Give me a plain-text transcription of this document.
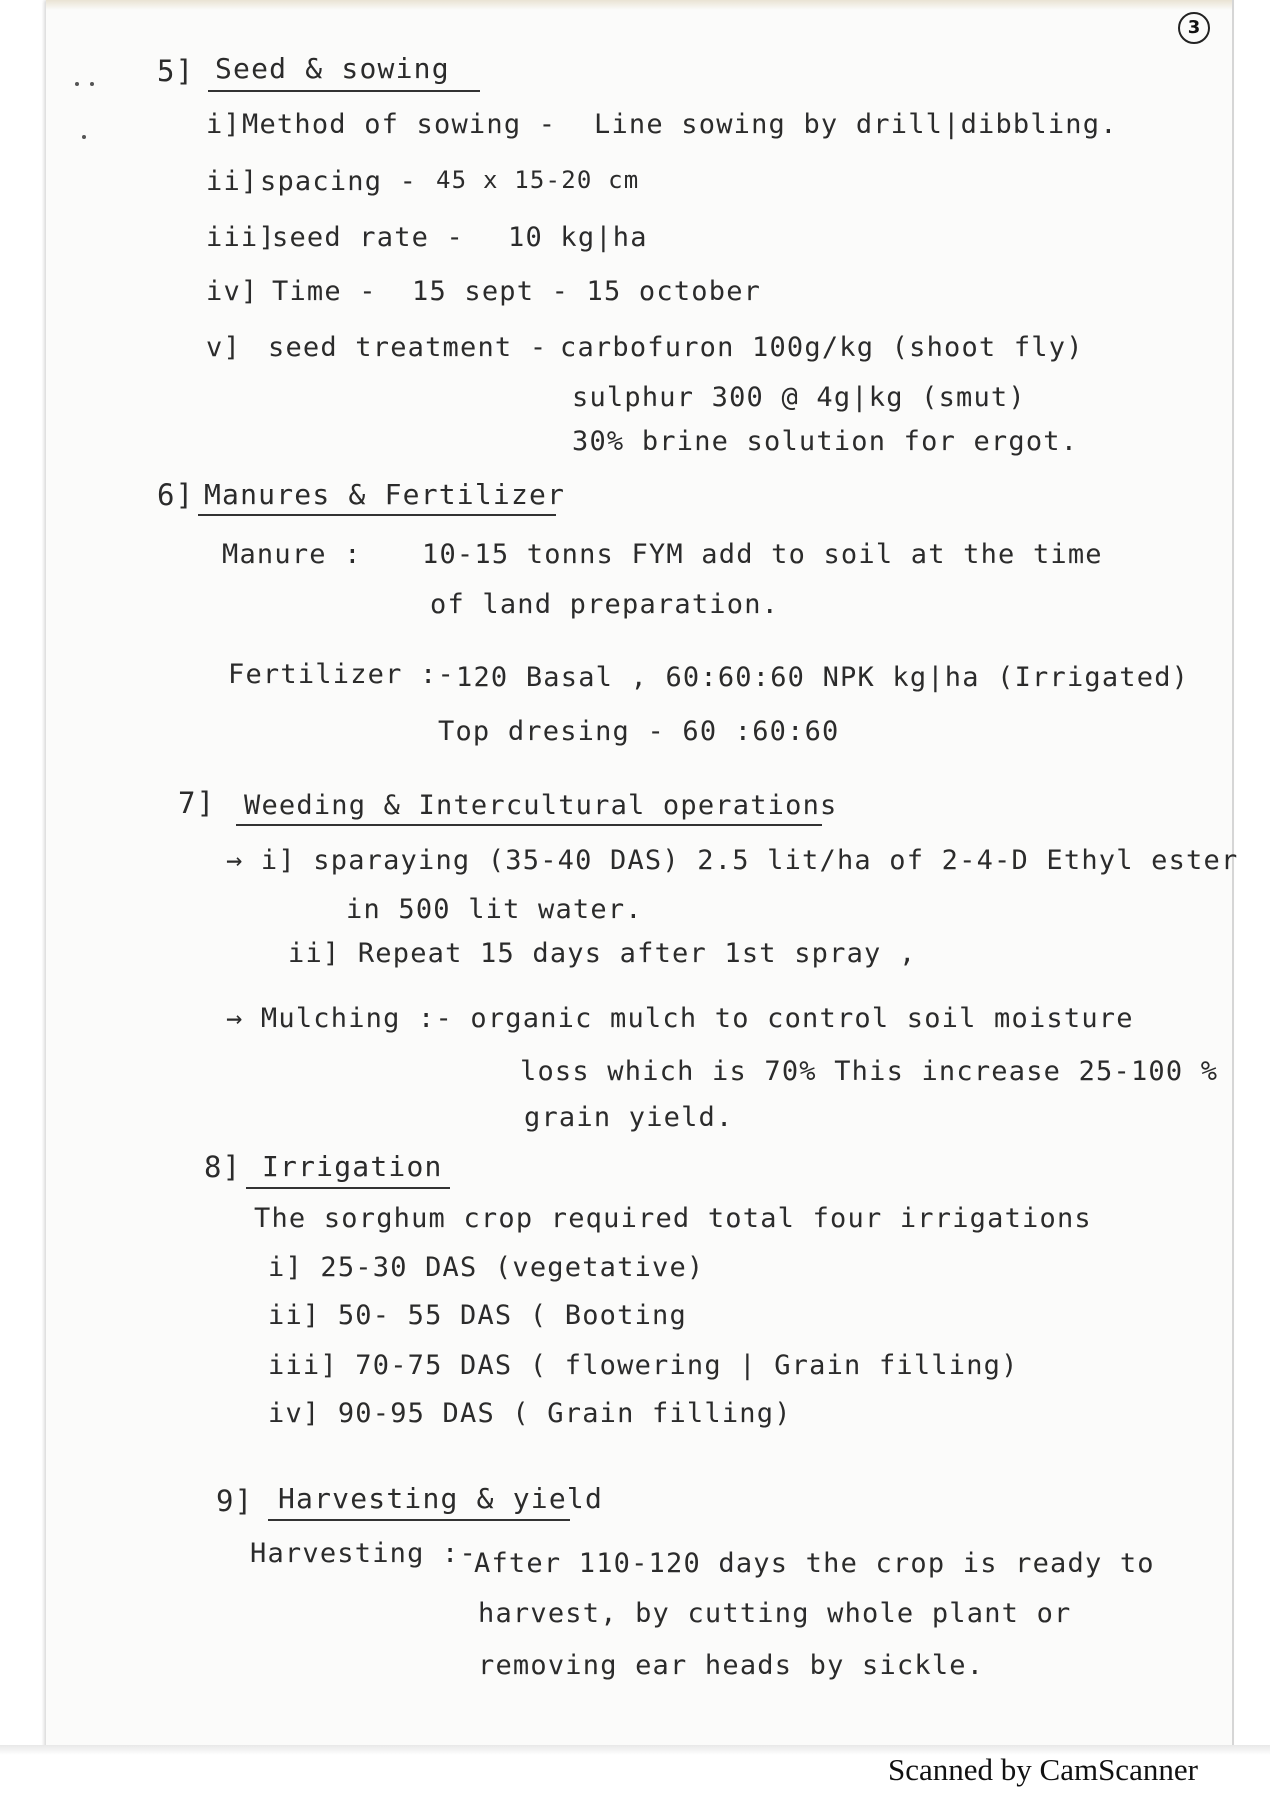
3
5] Seed & sowing
i] Method of sowing - Line sowing by drill|dibbling.
ii] spacing - 45 x 15-20 cm
iii]
seed rate - 10 kg|ha
iv] Time - 15 sept - 15 october
v] seed treatment - carbofuron 100g/kg (shoot fly)
sulphur 300 @ 4g|kg (smut)
30% brine solution for ergot.
6] Manures & Fertilizer
Manure : 10-15 tonns FYM add to soil at the time
of land preparation.
Fertilizer :- 120 Basal , 60:60:60 NPK kg|ha (Irrigated)
Top dresing - 60 :60:60
7] Weeding & Intercultural operations
→ i] sparaying (35-40 DAS) 2.5 lit/ha of 2-4-D Ethyl ester
in 500 lit water.
ii] Repeat 15 days after 1st spray ,
→ Mulching :- organic mulch to control soil moisture
loss which is 70% This increase 25-100 %
grain yield.
8] Irrigation
The sorghum crop required total four irrigations
i] 25-30 DAS (vegetative)
ii] 50- 55 DAS ( Booting
iii] 70-75 DAS ( flowering | Grain filling)
iv] 90-95 DAS ( Grain filling)
9] Harvesting & yield
Harvesting :-
After 110-120 days the crop is ready to
harvest, by cutting whole plant or
removing ear heads by sickle.
Scanned by CamScanner
